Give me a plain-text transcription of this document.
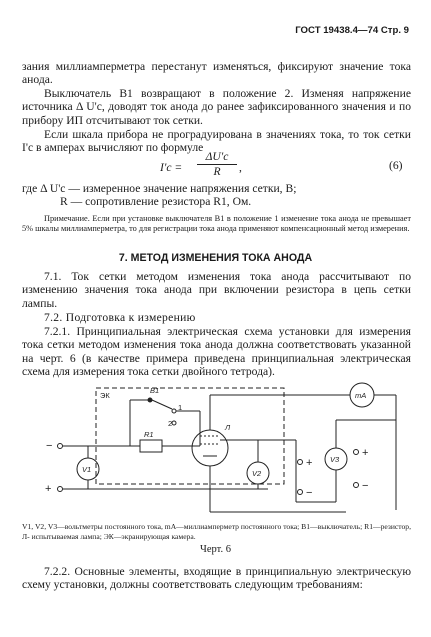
ГОСТ 19438.4—74 Стр. 9
зания миллиамперметра перестанут изменяться, фиксируют значение тока анода.
Выключатель В1 возвращают в положение 2. Изменяя напряжение источника Δ U'с, доводят ток анода до ранее зафиксированного значения и по прибору ИП отсчитывают ток сетки.
Если шкала прибора не проградуирована в значениях тока, то ток сетки I'с в амперах вычисляют по формуле
I'с =
ΔU'с
R	,	(6)
где Δ U'с — измеренное значение напряжения сетки, В;
R — сопротивление резистора R1, Ом.
Примечание. Если при установке выключателя В1 в положение 1 изменение тока анода не превышает 5% шкалы миллиамперметра, то для регистрации тока анода применяют компенсационный метод измерения.
7. МЕТОД ИЗМЕНЕНИЯ ТОКА АНОДА
7.1. Ток сетки методом изменения тока анода рассчитывают по изменению значения тока анода при включении резистора в цепь сетки лампы.
7.2. Подготовка к измерению
7.2.1. Принципиальная электрическая схема установки для измерения тока сетки методом изменения тока анода должна соответствовать указанной на черт. 6 (в качестве примера приведена принципиальная электрическая схема для измерения тока сетки двойного тетрода).
ЭК
В1
1
2
R1
Л
mA
V1	V2
V3
−
+
+
−
+
−
V1, V2, V3—вольтметры постоянного тока, mA—миллиамперметр постоянного тока; В1—выключатель; R1—резистор, Л- испытываемая лампа; ЭК—экранирующая камера.
Черт. 6
7.2.2. Основные элементы, входящие в принципиальную электрическую схему установки, должны соответствовать следующим требованиям:
